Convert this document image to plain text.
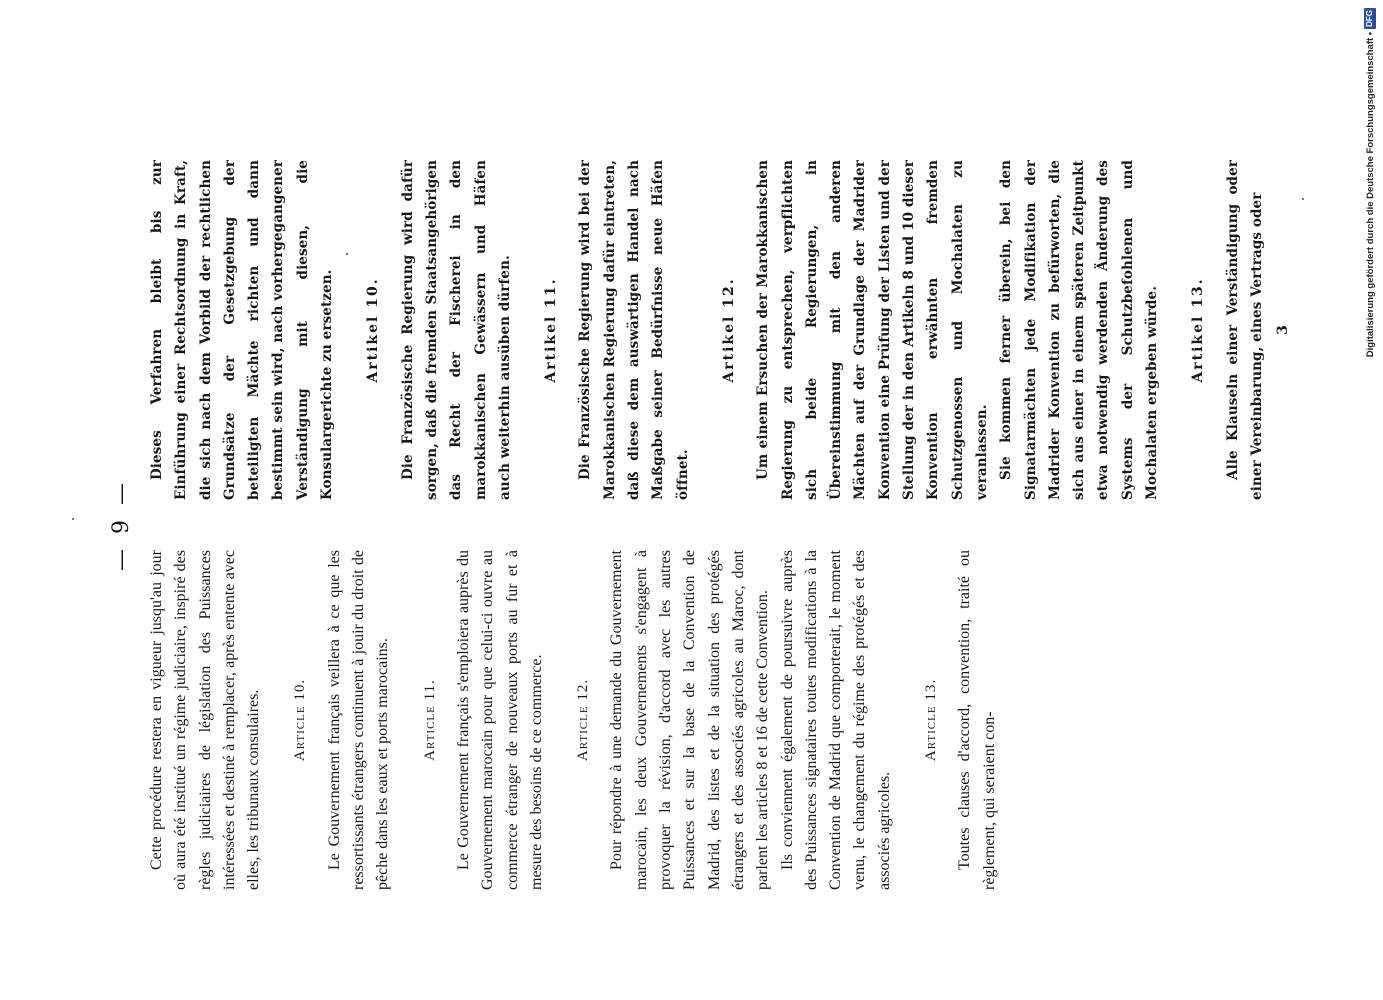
— 9 —

Cette procédure restera en vigueur jusqu'au jour où aura été institué un régime judiciaire, inspiré des règles judiciaires de législation des Puissances intéressées et destiné à remplacer, après entente avec elles, les tribunaux consulaires. Article 10. Le Gouvernement français veillera à ce que les ressortissants étrangers continuent à jouir du droit de pêche dans les eaux et ports marocains. Article 11. Le Gouvernement français s'emploiera auprès du Gouvernement marocain pour que celui-ci ouvre au commerce étranger de nouveaux ports au fur et à mesure des besoins de ce commerce. Article 12. Pour répondre à une demande du Gouvernement marocain, les deux Gouvernements s'engagent à provoquer la révision, d'accord avec les autres Puissances et sur la base de la Convention de Madrid, des listes et de la situation des protégés étrangers et des associés agricoles au Maroc, dont parlent les articles 8 et 16 de cette Convention. Ils conviennent également de poursuivre auprès des Puissances signataires toutes modifications à la Convention de Madrid que comporterait, le moment venu, le changement du régime des protégés et des associés agricoles.

Article 13. Toutes clauses d'accord, convention, traité ou règlement, qui seraient con-

Dieses Verfahren bleibt bis zur Einführung einer Rechtsordnung in Kraft, die sich nach dem Vorbild der rechtlichen Grundsätze der Gesetzgebung der beteiligten Mächte richten und dann bestimmt sein wird, nach vorhergegangener Verständigung mit diesen, die Konsulargerichte zu ersetzen.	Artikel 10.	Die Französische Regierung wird dafür sorgen, daß die fremden Staatsangehörigen das Recht der Fischerei in den marokkanischen Gewässern und Häfen auch weiterhin ausüben dürfen.	Artikel 11.	Die Französische Regierung wird bei der Marokkanischen Regierung dafür eintreten, daß diese dem auswärtigen Handel nach Maßgabe seiner Bedürfnisse neue Häfen öffnet.

Artikel 12.	Um einem Ersuchen der Marokkanischen Regierung zu entsprechen, verpflichten sich beide Regierungen, in Übereinstimmung mit den anderen Mächten auf der Grundlage der Madrider Konvention eine Prüfung der Listen und der Stellung der in den Artikeln 8 und 10 dieser Konvention erwähnten fremden Schutzgenossen und Mochalaten zu veranlassen. Sie kommen ferner überein, bei den Signatarmächten jede Modifikation der Madrider Konvention zu befürworten, die sich aus einer in einem späteren Zeitpunkt etwa notwendig werdenden Änderung des Systems der Schutzbefohlenen und Mochalaten ergeben würde.	Artikel 13.	Alle Klauseln einer Verständigung oder einer Vereinbarung, eines Vertrags oder 3	Digitalisierung gefördert durch die Deutsche Forschungsgemeinschaft •
DFG
